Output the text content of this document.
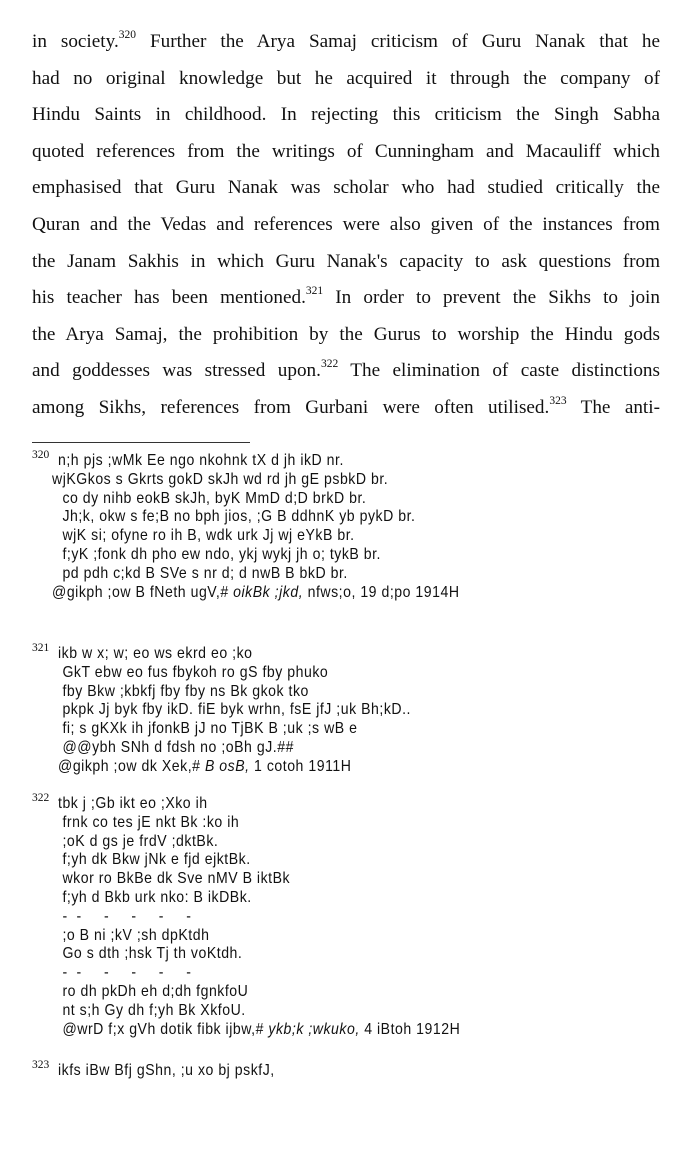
in society.$^{320}$ Further the Arya Samaj criticism of Guru Nanak that he
had no original knowledge but he acquired it through the company of
Hindu Saints in childhood. In rejecting this criticism the Singh Sabha
quoted references from the writings of Cunningham and Macauliff which
emphasised that Guru Nanak was scholar who had studied critically the
Quran and the Vedas and references were also given of the instances from
the Janam Sakhis in which Guru Nanak's capacity to ask questions from
his teacher has been mentioned.$^{321}$ In order to prevent the Sikhs to join
the Arya Samaj, the prohibition by the Gurus to worship the Hindu gods
and goddesses was stressed upon.$^{322}$ The elimination of caste distinctions
among Sikhs, references from Gurbani were often utilised.$^{323}$ The anti-
320 n;h pjs ;wMk Ee ngo nkohnk tX d jh ikD nr.
wjKGkos s Gkrts gokD skJh wd rd jh gE psbkD br.
co dy nihb eokB skJh, byK MmD d;D brkD br.
Jh;k, okw s fe;B no bph jios, ;G B ddhnK yb pykD br.
wjK si; ofyne ro ih B, wdk urk Jj wj eYkB br.
f;yK ;fonk dh pho ew ndo, ykj wykj jh o; tykB br.
pd pdh c;kd B SVe s nr d; d nwB B bkD br.
@gikph ;ow B fNeth ugV,# oikBk ;jkd, nfws;o, 19 d;po 1914H
321 ikb w x; w; eo ws ekrd eo ;ko
GkT ebw eo fus fbykoh ro gS fby phuko
fby Bkw ;kbkfj fby fby ns Bk gkok tko
pkpk Jj byk fby ikD. fiE byk wrhn, fsE jfJ ;uk Bh;kD..
fi; s gKXk ih jfonkB jJ no TjBK B ;uk ;s wB e
@@ybh SNh d fdsh no ;oBh gJ.##
@gikph ;ow dk Xek,# B osB, 1 cotoh 1911H
322 tbk j ;Gb ikt eo ;Xko ih
frnk co tes jE nkt Bk :ko ih
;oK d gs je frdV ;dktBk.
f;yh dk Bkw jNk e fjd ejktBk.
wkor ro BkBe dk Sve nMV B iktBk
f;yh d Bkb urk nko: B ikDBk.
-  -     -     -     -     -
;o B ni ;kV ;sh dpKtdh
Go s dth ;hsk Tj th voKtdh.
-  -     -     -     -     -
ro dh pkDh eh d;dh fgnkfoU
nt s;h Gy dh f;yh Bk XkfoU.
@wrD f;x gVh dotik fibk ijbw,# ykb;k ;wkuko, 4 iBtoh 1912H
323 ikfs iBw Bfj gShn, ;u xo bj pskfJ,
